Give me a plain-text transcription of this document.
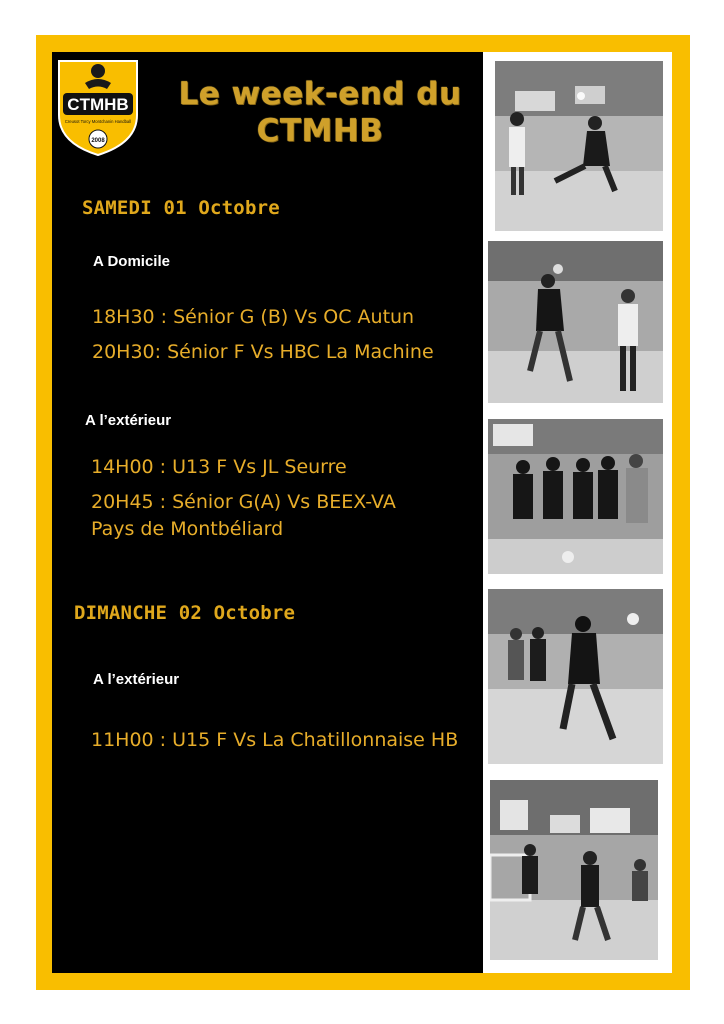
CTMHB
Creusot Torcy Montchanin Handball
2008
Le week-end du
CTMHB
SAMEDI 01 Octobre
A Domicile
18H30 : Sénior G (B) Vs OC Autun
20H30: Sénior F Vs HBC La Machine
A l’extérieur
14H00 : U13 F Vs JL Seurre
20H45 : Sénior G(A) Vs BEEX-VA
Pays de Montbéliard
DIMANCHE 02 Octobre
A l’extérieur
11H00 : U15 F Vs La Chatillonnaise HB
